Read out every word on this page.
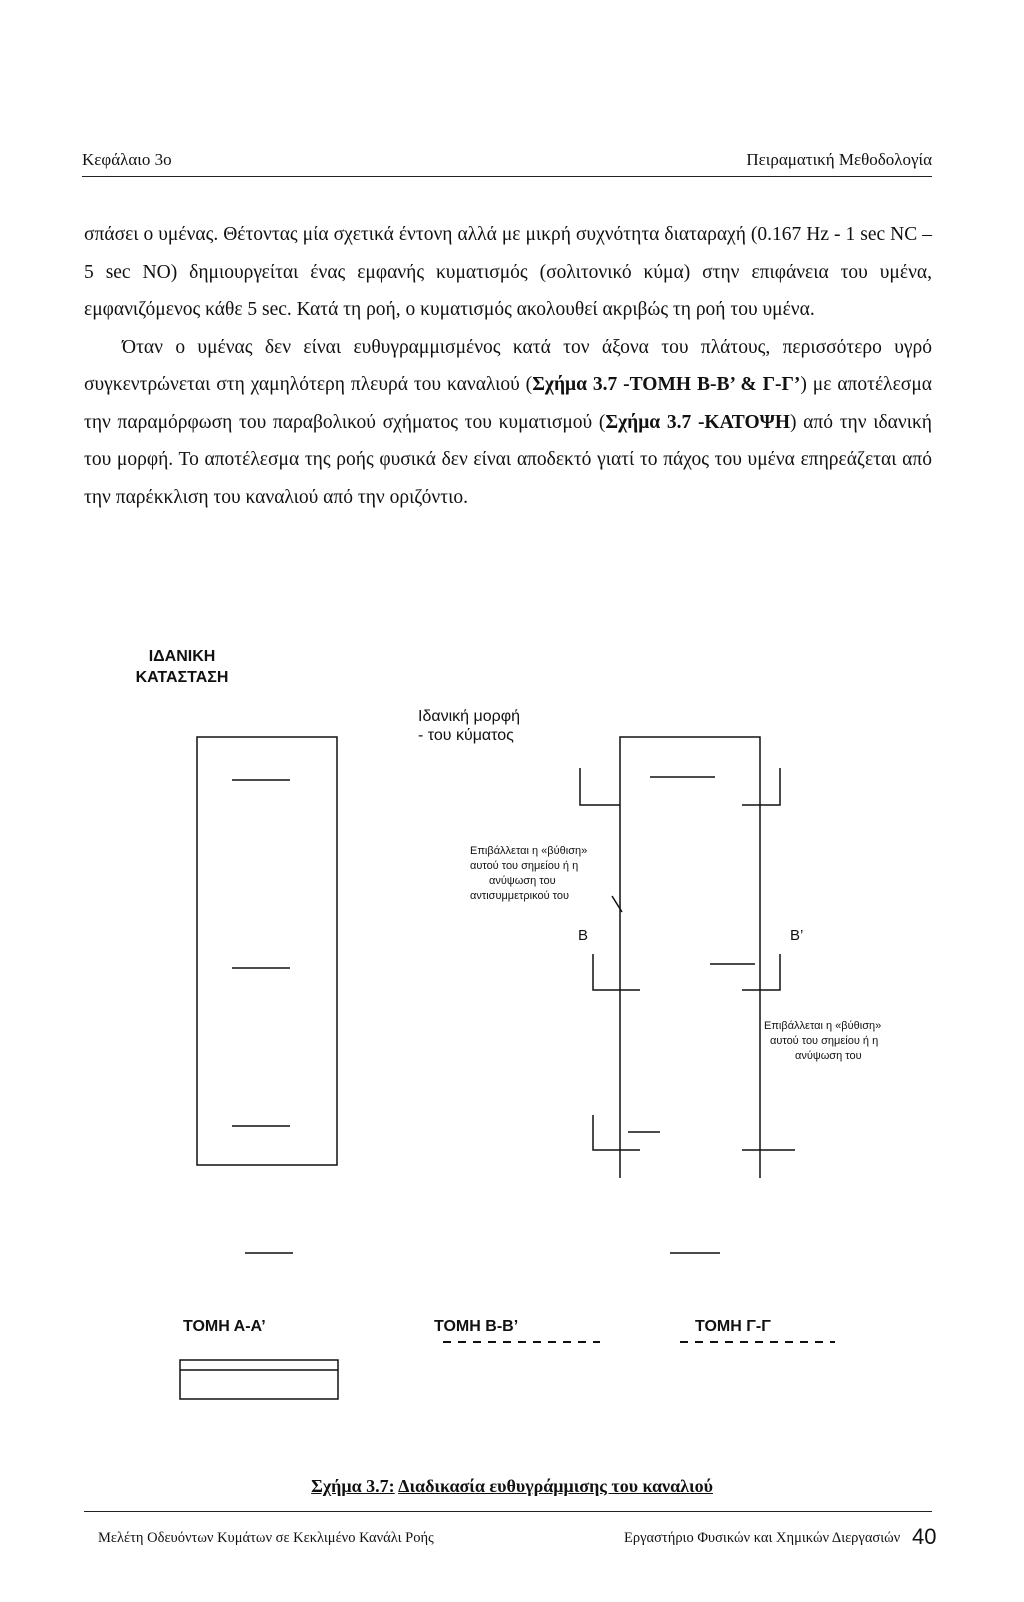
Κεφάλαιο 3ο	Πειραματική Μεθοδολογία

σπάσει ο υμένας. Θέτοντας μία σχετικά έντονη αλλά με μικρή συχνότητα διαταραχή (0.167 Hz - 1 sec NC – 5 sec NO) δημιουργείται ένας εμφανής κυματισμός (σολιτονικό κύμα) στην επιφάνεια του υμένα, εμφανιζόμενος κάθε 5 sec. Κατά τη ροή, ο κυματισμός ακολουθεί ακριβώς τη ροή του υμένα.

Όταν ο υμένας δεν είναι ευθυγραμμισμένος κατά τον άξονα του πλάτους, περισσότερο υγρό συγκεντρώνεται στη χαμηλότερη πλευρά του καναλιού (Σχήμα 3.7 -ΤΟΜΗ Β-Β’ & Γ-Γ’) με αποτέλεσμα την παραμόρφωση του παραβολικού σχήματος του κυματισμού (Σχήμα 3.7 -ΚΑΤΟΨΗ) από την ιδανική του μορφή. Το αποτέλεσμα της ροής φυσικά δεν είναι αποδεκτό γιατί το πάχος του υμένα επηρεάζεται από την παρέκκλιση του καναλιού από την οριζόντιο.

ΙΔΑΝΙΚΗ
ΚΑΤΑΣΤΑΣΗ
Ιδανική μορφή
- του κύματος
Επιβάλλεται η «βύθιση»
αυτού του σημείου ή η
ανύψωση του
αντισυμμετρικού του
Β	Β’
Επιβάλλεται η «βύθιση»
αυτού του σημείου ή η
ανύψωση του
ΤΟΜΗ Α-Α’	ΤΟΜΗ Β-Β’	ΤΟΜΗ Γ-Γ
Σχήμα 3.7: Διαδικασία ευθυγράμμισης του καναλιού
Μελέτη Οδευόντων Κυμάτων σε Κεκλιμένο Κανάλι Ροής	Εργαστήριο Φυσικών και Χημικών Διεργασιών 40
